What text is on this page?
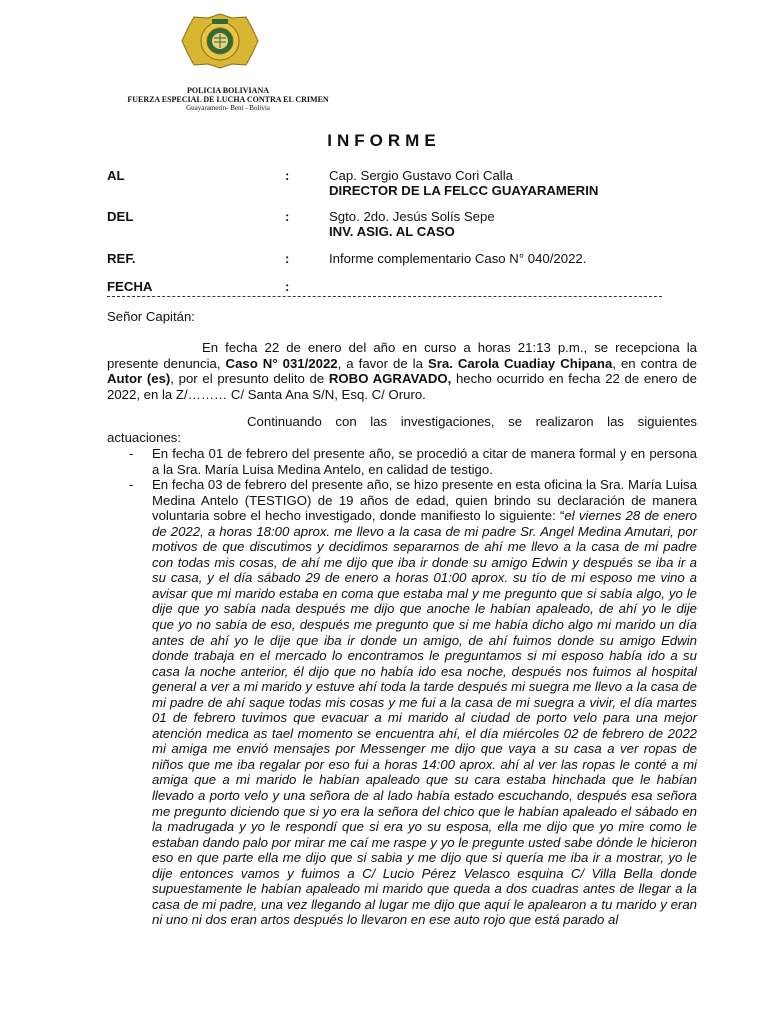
POLICIA BOLIVIANA
FUERZA ESPECIAL DE LUCHA CONTRA EL CRIMEN
Guayaramerin- Beni - Bolivia
INFORME
AL	:	Cap. Sergio Gustavo Cori Calla
DIRECTOR DE LA FELCC GUAYARAMERIN
DEL	:	Sgto. 2do. Jesús Solís Sepe
INV. ASIG. AL CASO
REF.	:	Informe complementario Caso N° 040/2022.
FECHA	:
Señor Capitán:
En fecha 22 de enero del año en curso a horas 21:13 p.m., se recepciona la presente denuncia, Caso N° 031/2022, a favor de la Sra. Carola Cuadiay Chipana, en contra de Autor (es), por el presunto delito de ROBO AGRAVADO, hecho ocurrido en fecha 22 de enero de 2022, en la Z/……… C/ Santa Ana S/N, Esq. C/ Oruro.
Continuando con las investigaciones, se realizaron las siguientes actuaciones:
- En fecha 01 de febrero del presente año, se procedió a citar de manera formal y en persona a la Sra. María Luisa Medina Antelo, en calidad de testigo.
- En fecha 03 de febrero del presente año, se hizo presente en esta oficina la Sra. María Luisa Medina Antelo (TESTIGO) de 19 años de edad, quien brindo su declaración de manera voluntaria sobre el hecho investigado, donde manifiesto lo siguiente: “el viernes 28 de enero de 2022, a horas 18:00 aprox. me llevo a la casa de mi padre Sr. Angel Medina Amutari, por motivos de que discutimos y decidimos separarnos de ahí me llevo a la casa de mi padre con todas mis cosas, de ahí me dijo que iba ir donde su amigo Edwin y después se iba ir a su casa, y el día sábado 29 de enero a horas 01:00 aprox. su tío de mi esposo me vino a avisar que mi marido estaba en coma que estaba mal y me pregunto que si sabía algo, yo le dije que yo sabía nada después me dijo que anoche le habían apaleado, de ahí yo le dije que yo no sabía de eso, después me pregunto que si me había dicho algo mi marido un día antes de ahí yo le dije que iba ir donde un amigo, de ahí fuimos donde su amigo Edwin donde trabaja en el mercado lo encontramos le preguntamos si mi esposo había ido a su casa la noche anterior, él dijo que no había ido esa noche, después nos fuimos al hospital general a ver a mi marido y estuve ahí toda la tarde después mi suegra me llevo a la casa de mi padre de ahí saque todas mis cosas y me fui a la casa de mi suegra a vivir, el día martes 01 de febrero tuvimos que evacuar a mi marido al ciudad de porto velo para una mejor atención medica as tael momento se encuentra ahí, el día miércoles 02 de febrero de 2022 mi amiga me envió mensajes por Messenger me dijo que vaya a su casa a ver ropas de niños que me iba regalar por eso fui a horas 14:00 aprox. ahí al ver las ropas le conté a mi amiga que a mi marido le habían apaleado que su cara estaba hinchada que le habían llevado a porto velo y una señora de al lado había estado escuchando, después esa señora me pregunto diciendo que si yo era la señora del chico que le habían apaleado el sábado en la madrugada y yo le respondí que si era yo su esposa, ella me dijo que yo mire como le estaban dando palo por mirar me caí me raspe y yo le pregunte usted sabe dónde le hicieron eso en que parte ella me dijo que si sabia y me dijo que si quería me iba ir a mostrar, yo le dije entonces vamos y fuimos a C/ Lucio Pérez Velasco esquina C/ Villa Bella donde supuestamente le habían apaleado mi marido que queda a dos cuadras antes de llegar a la casa de mi padre, una vez llegando al lugar me dijo que aquí le apalearon a tu marido y eran ni uno ni dos eran artos después lo llevaron en ese auto rojo que está parado al
